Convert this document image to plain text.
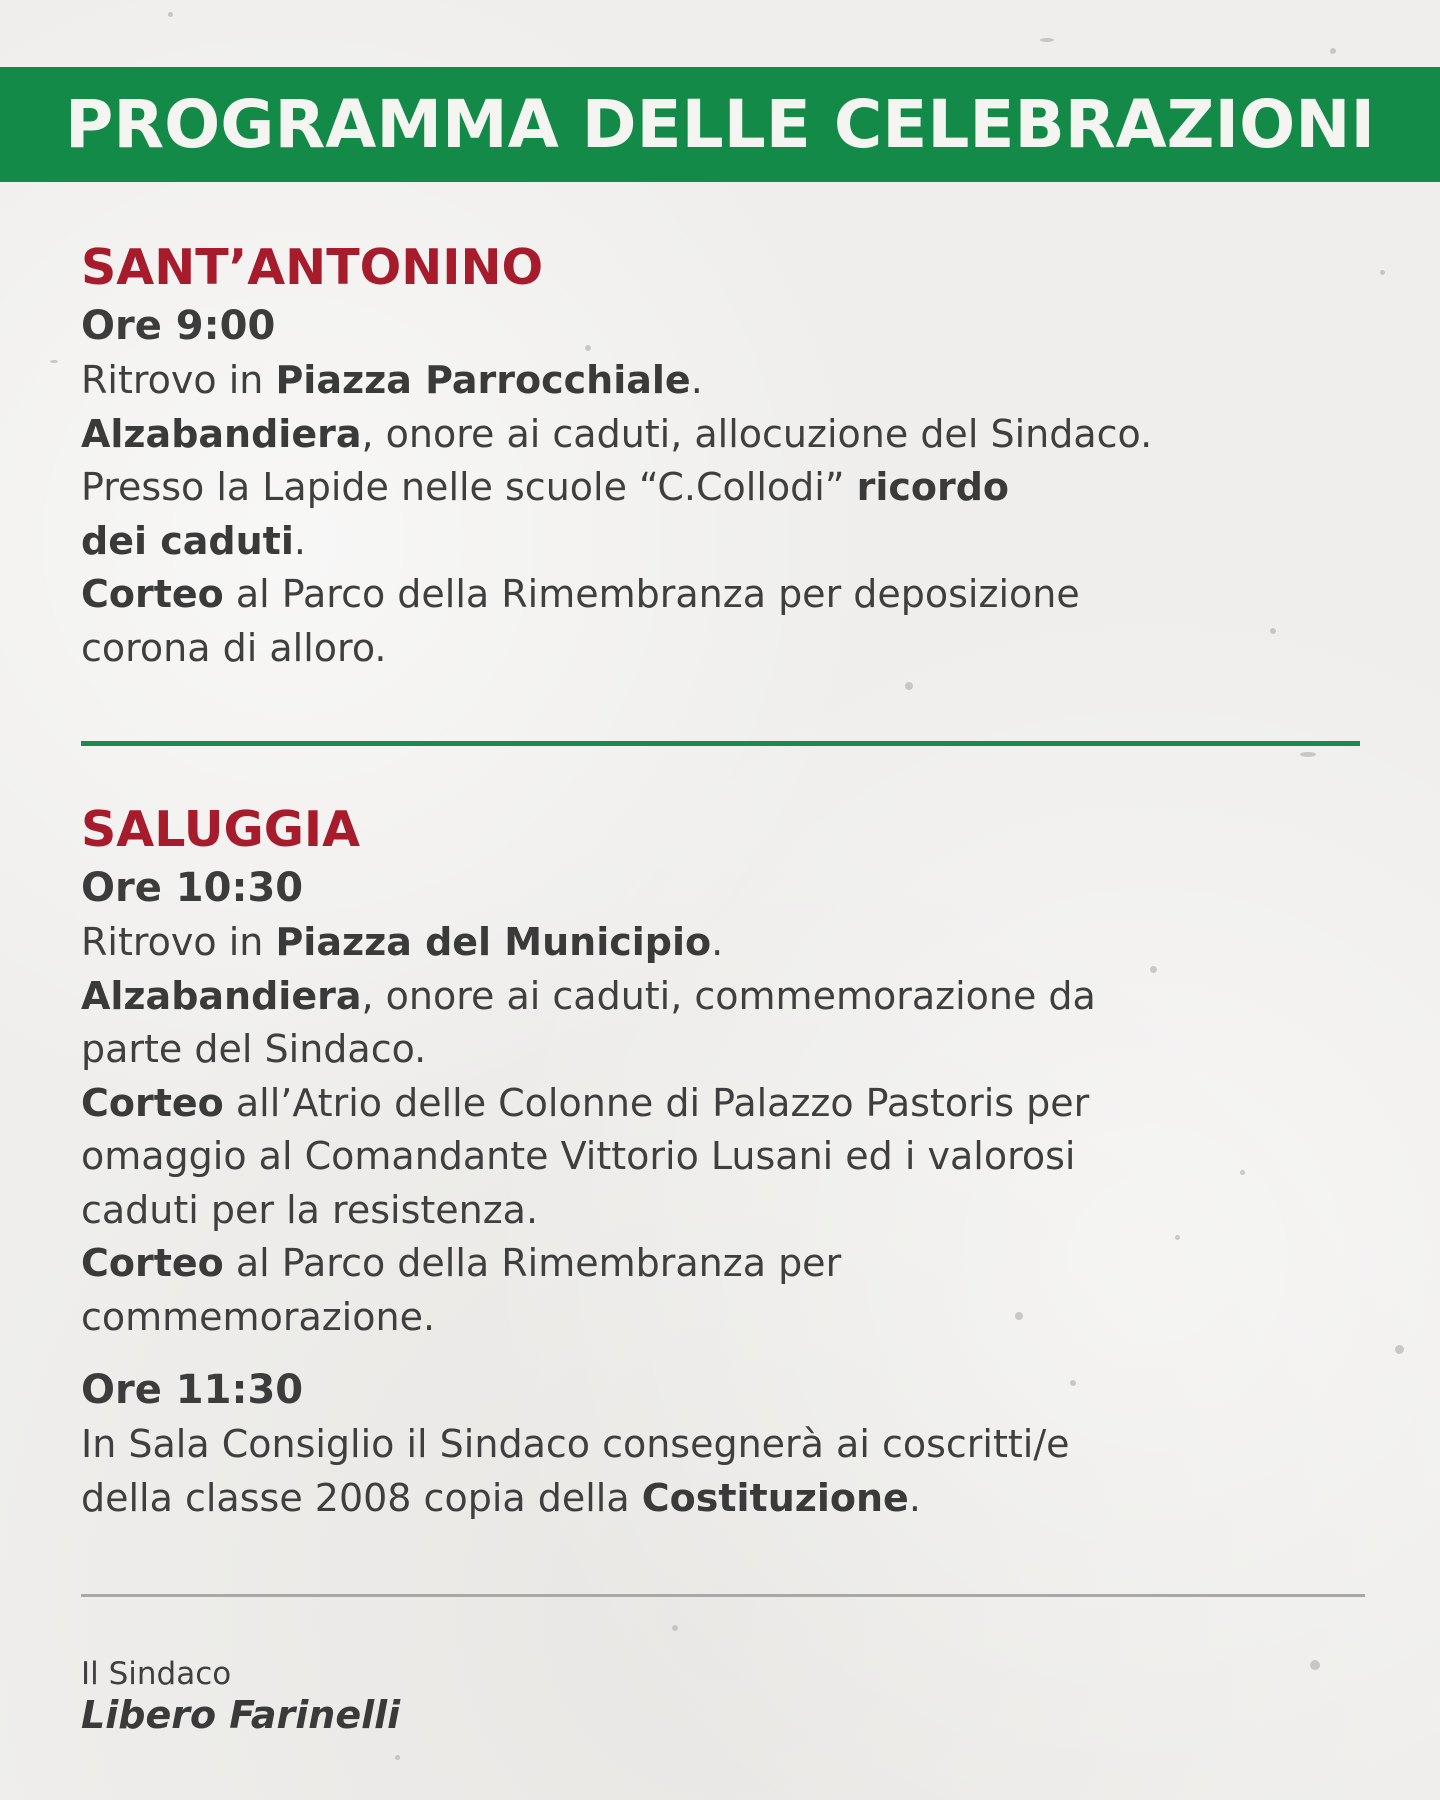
PROGRAMMA DELLE CELEBRAZIONI
SANT’ANTONINO

Ore 9:00

Ritrovo in Piazza Parrocchiale.

Alzabandiera, onore ai caduti, allocuzione del Sindaco.

Presso la Lapide nelle scuole “C.Collodi” ricordo

dei caduti.

Corteo al Parco della Rimembranza per deposizione

corona di alloro.

SALUGGIA

Ore 10:30

Ritrovo in Piazza del Municipio.

Alzabandiera, onore ai caduti, commemorazione da

parte del Sindaco.

Corteo all’Atrio delle Colonne di Palazzo Pastoris per

omaggio al Comandante Vittorio Lusani ed i valorosi

caduti per la resistenza.

Corteo al Parco della Rimembranza per

commemorazione.

Ore 11:30

In Sala Consiglio il Sindaco consegnerà ai coscritti/e

della classe 2008 copia della Costituzione.

Il Sindaco
Libero Farinelli
